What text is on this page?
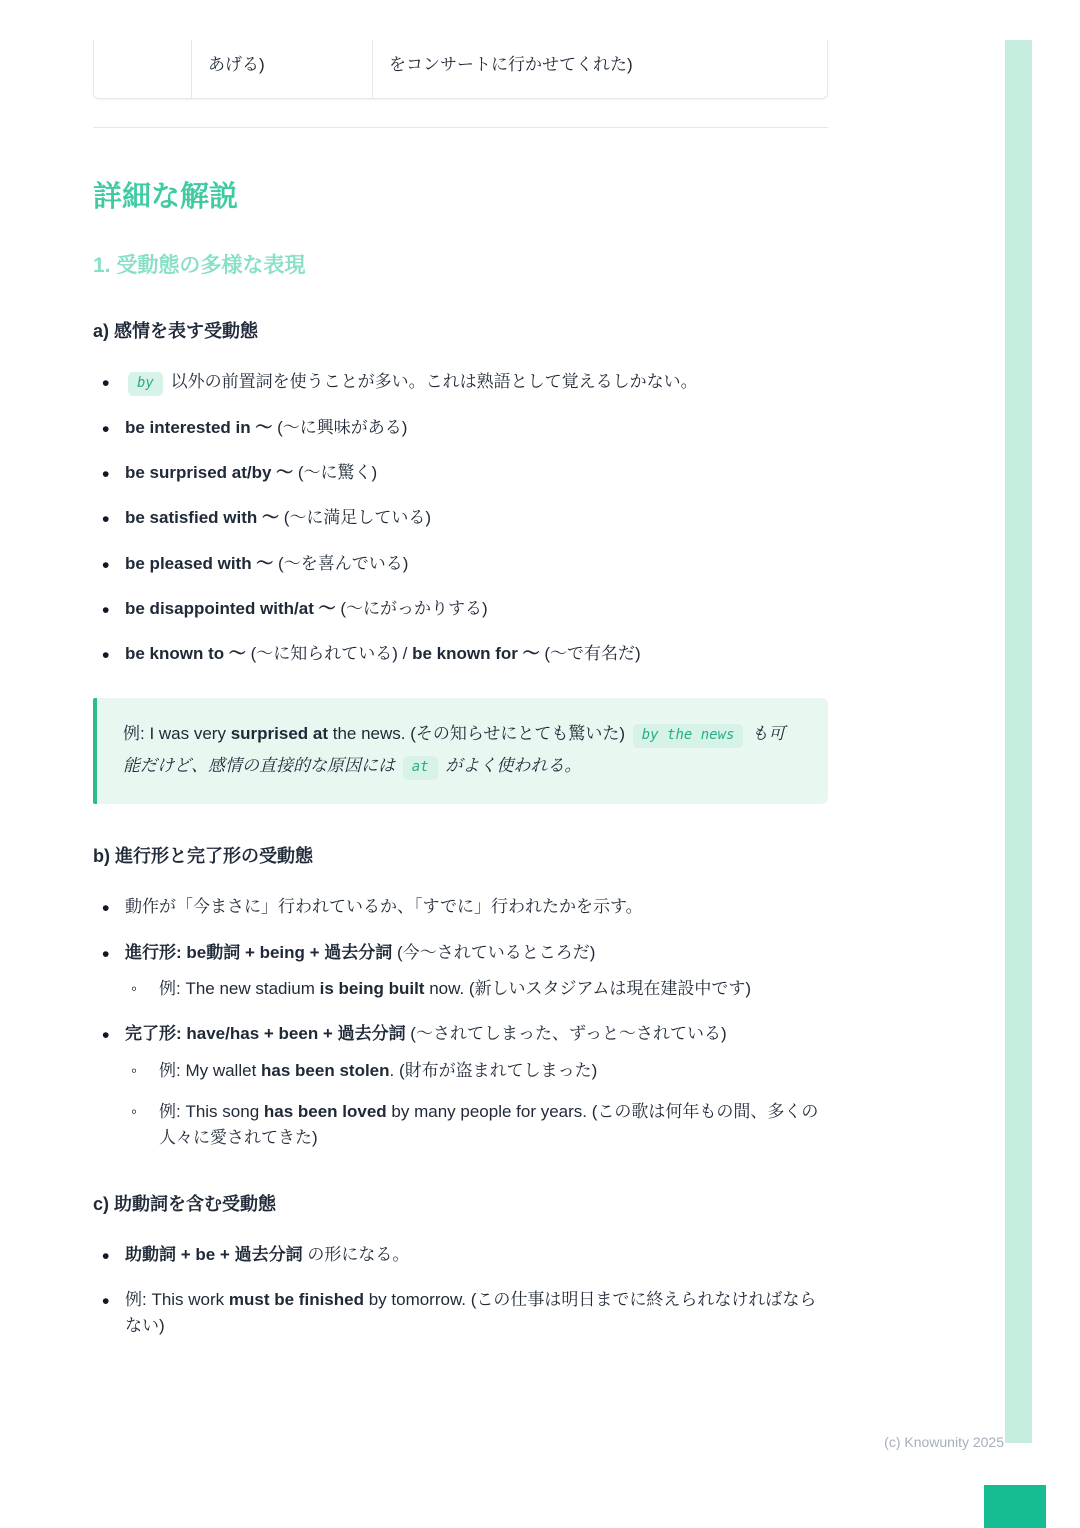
あげる)	をコンサートに行かせてくれた)
詳細な解説
1. 受動態の多様な表現
a) 感情を表す受動態
• by 以外の前置詞を使うことが多い。これは熟語として覚えるしかない。
• be interested in 〜 (〜に興味がある)
• be surprised at/by 〜 (〜に驚く)
• be satisfied with 〜 (〜に満足している)
• be pleased with 〜 (〜を喜んでいる)
• be disappointed with/at 〜 (〜にがっかりする)
• be known to 〜 (〜に知られている) / be known for 〜 (〜で有名だ)

例: I was very surprised at the news. (その知らせにとても驚いた) by the news も可能だけど、感情の直接的な原因には at がよく使われる。

b) 進行形と完了形の受動態
• 動作が「今まさに」行われているか、「すでに」行われたかを示す。
• 進行形: be動詞 + being + 過去分詞 (今〜されているところだ)
◦ 例: The new stadium is being built now. (新しいスタジアムは現在建設中です)
• 完了形: have/has + been + 過去分詞 (〜されてしまった、ずっと〜されている)
◦ 例: My wallet has been stolen. (財布が盗まれてしまった)
◦ 例: This song has been loved by many people for years. (この歌は何年もの間、多くの人々に愛されてきた)
c) 助動詞を含む受動態
• 助動詞 + be + 過去分詞 の形になる。
• 例: This work must be finished by tomorrow. (この仕事は明日までに終えられなければならない)
(c) Knowunity 2025
